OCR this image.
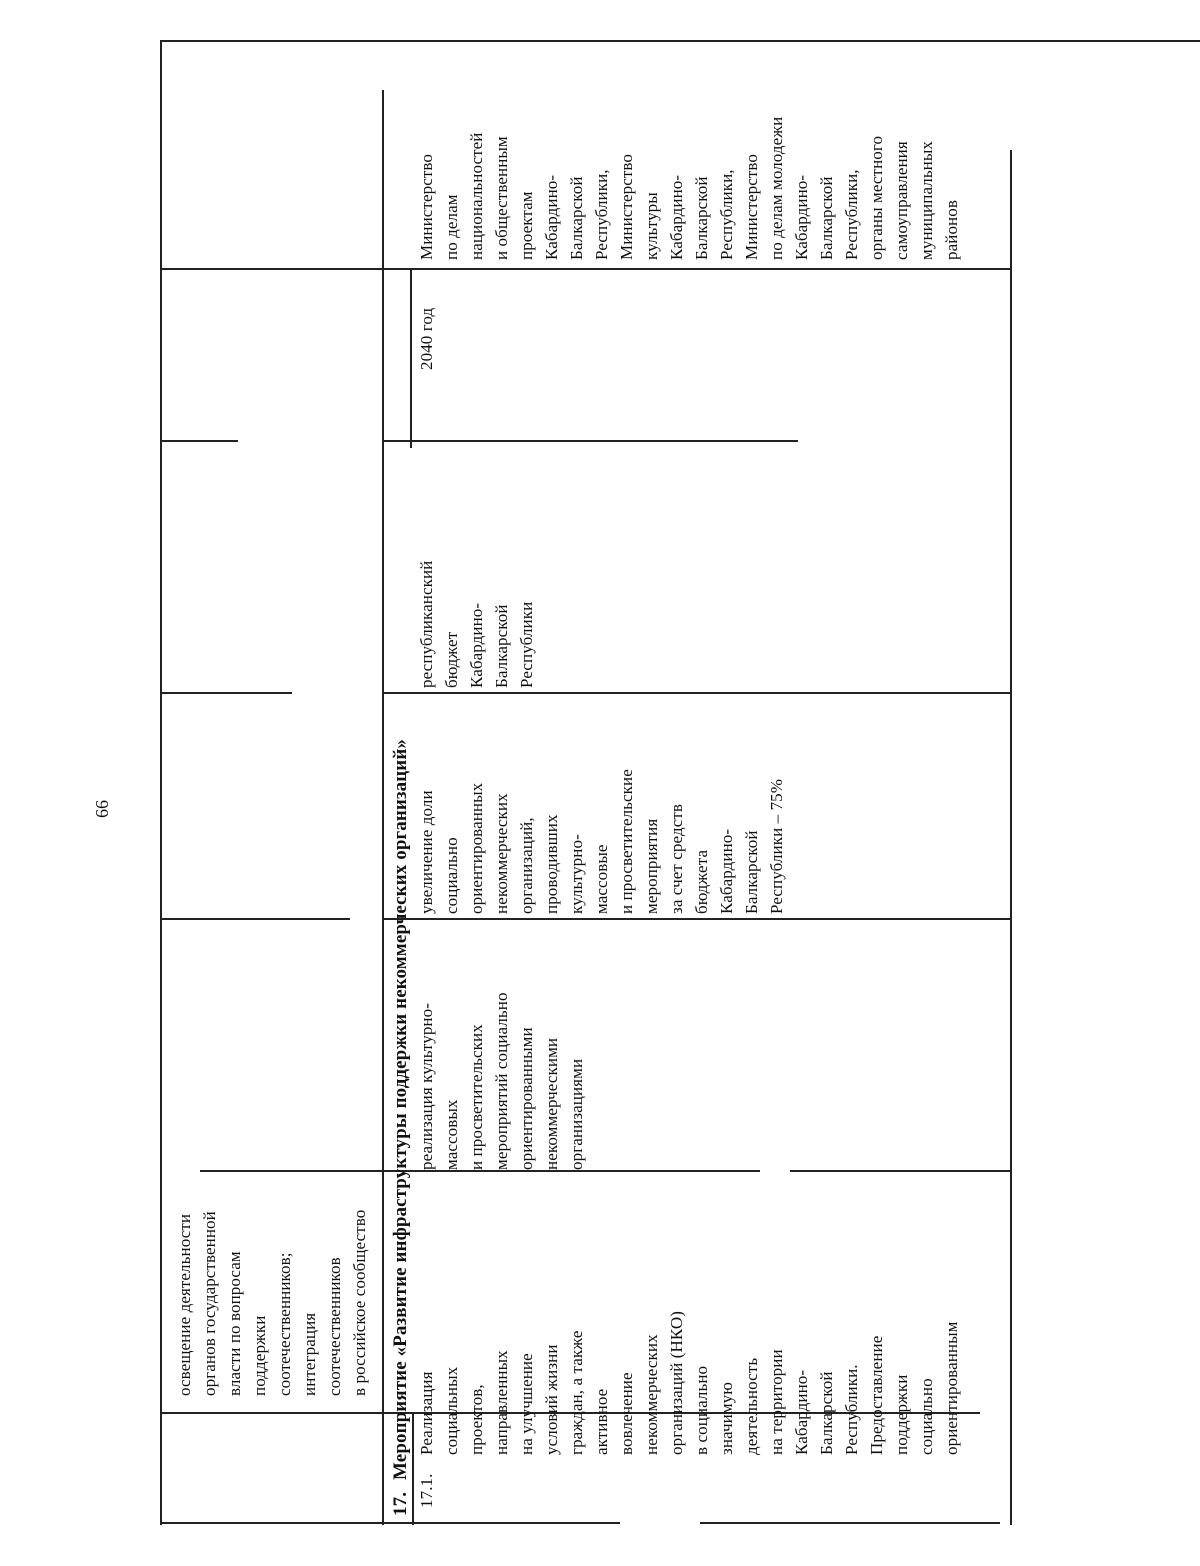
66
освещение деятельности органов государственной власти по вопросам поддержки соотечественников; интеграция соотечественников в российское сообщество
17.
Мероприятие «Развитие инфраструктуры поддержки некоммерческих организаций»
17.1.
Реализация социальных проектов, направленных на улучшение условий жизни граждан, а также активное вовлечение некоммерческих организаций (НКО) в социально значимую деятельность на территории Кабардино- Балкарской Республики. Предоставление поддержки социально ориентированным
реализация культурно- массовых и просветительских мероприятий социально ориентированными некоммерческими организациями
увеличение доли социально ориентированных некоммерческих организаций, проводивших культурно- массовые и просветительские мероприятия за счет средств бюджета Кабардино- Балкарской Республики – 75%
республиканский бюджет Кабардино- Балкарской Республики
2040 год
Министерство по делам национальностей и общественным проектам Кабардино- Балкарской Республики, Министерство культуры Кабардино- Балкарской Республики, Министерство по делам молодежи Кабардино- Балкарской Республики, органы местного самоуправления муниципальных районов
